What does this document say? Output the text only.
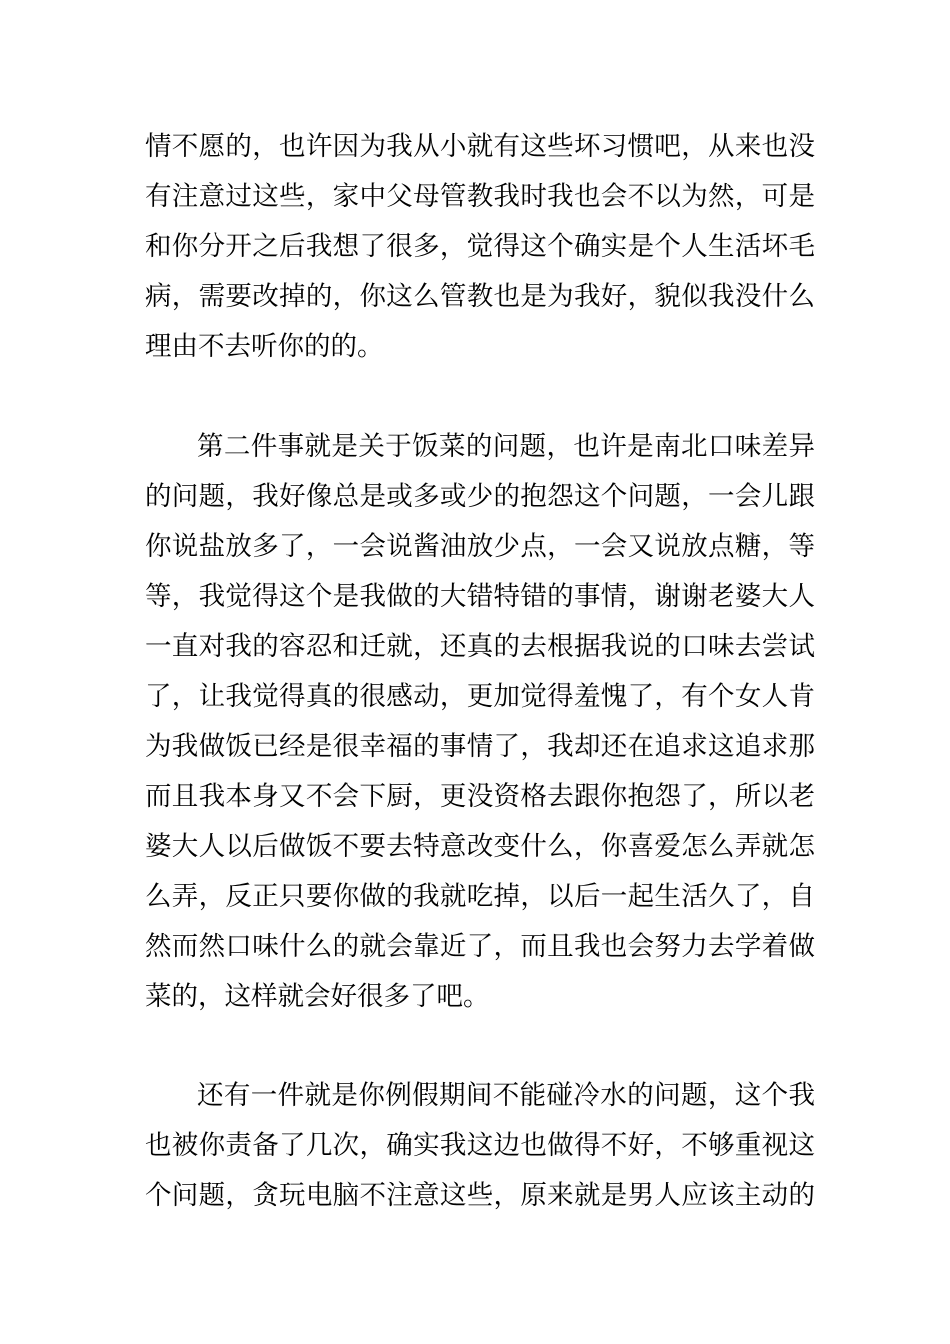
情不愿的，也许因为我从小就有这些坏习惯吧，从来也没
有注意过这些，家中父母管教我时我也会不以为然，可是
和你分开之后我想了很多，觉得这个确实是个人生活坏毛
病，需要改掉的，你这么管教也是为我好，貌似我没什么
理由不去听你的的。
第二件事就是关于饭菜的问题，也许是南北口味差异
的问题，我好像总是或多或少的抱怨这个问题，一会儿跟
你说盐放多了，一会说酱油放少点，一会又说放点糖，等
等，我觉得这个是我做的大错特错的事情，谢谢老婆大人
一直对我的容忍和迁就，还真的去根据我说的口味去尝试
了，让我觉得真的很感动，更加觉得羞愧了，有个女人肯
为我做饭已经是很幸福的事情了，我却还在追求这追求那
而且我本身又不会下厨，更没资格去跟你抱怨了，所以老
婆大人以后做饭不要去特意改变什么，你喜爱怎么弄就怎
么弄，反正只要你做的我就吃掉，以后一起生活久了，自
然而然口味什么的就会靠近了，而且我也会努力去学着做
菜的，这样就会好很多了吧。
还有一件就是你例假期间不能碰冷水的问题，这个我
也被你责备了几次，确实我这边也做得不好，不够重视这
个问题，贪玩电脑不注意这些，原来就是男人应该主动的
